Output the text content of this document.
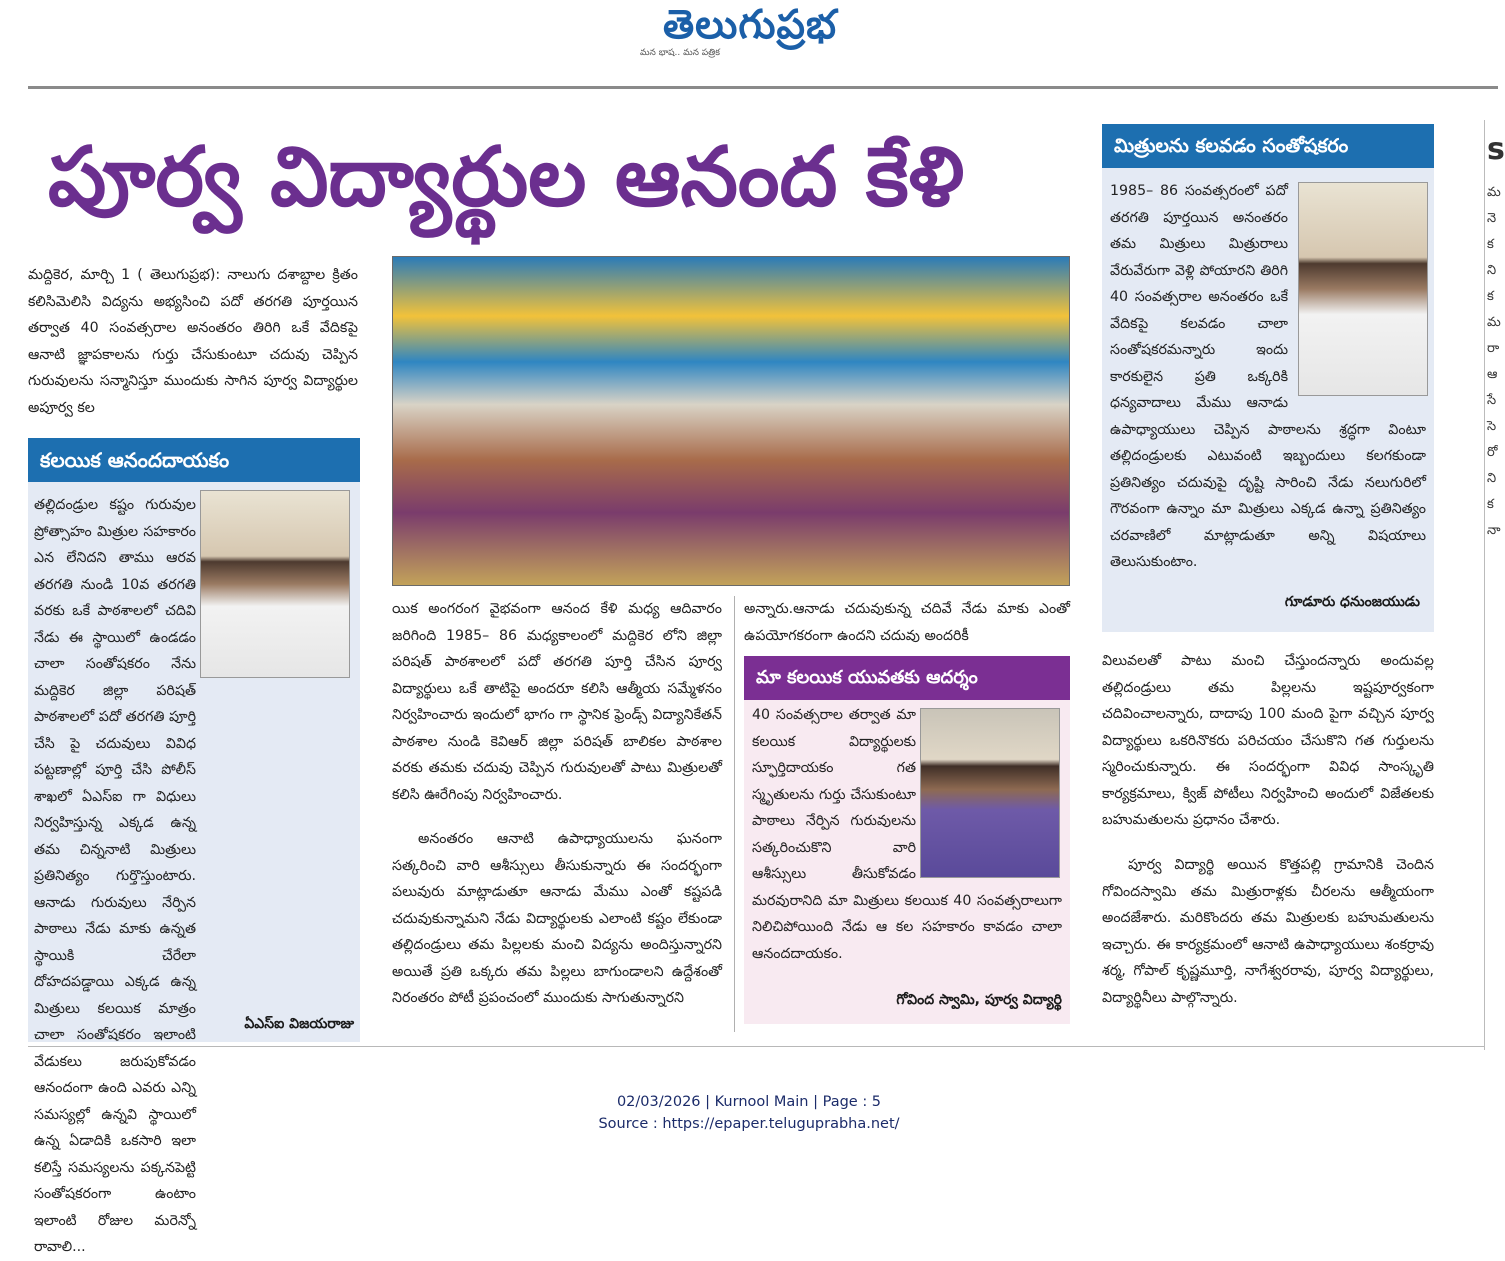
తెలుగుప్రభ
మన భాష.. మన పత్రిక
పూర్వ విద్యార్థుల ఆనంద కేళి
మద్దికెర, మార్చి 1 ( తెలుగుప్రభ): నాలుగు దశాబ్దాల క్రితం కలిసిమెలిసి విద్యను అభ్యసించి పదో తరగతి పూర్తయిన తర్వాత 40 సంవత్సరాల అనంతరం తిరిగి ఒకే వేదికపై ఆనాటి జ్ఞాపకాలను గుర్తు చేసుకుంటూ చదువు చెప్పిన గురువులను సన్మానిస్తూ ముందుకు సాగిన పూర్వ విద్యార్థుల అపూర్వ కల
కలయిక ఆనందదాయకం
తల్లిదండ్రుల కష్టం గురువుల ప్రోత్సాహం మిత్రుల సహకారం ఎన లేనిదని తాము ఆరవ తరగతి నుండి 10వ తరగతి వరకు ఒకే పాఠశాలలో చదివి నేడు ఈ స్థాయిలో ఉండడం చాలా సంతోషకరం నేను మద్దికెర జిల్లా పరిషత్ పాఠశాలలో పదో తరగతి పూర్తి చేసి పై చదువులు వివిధ పట్టణాల్లో పూర్తి చేసి పోలీస్ శాఖలో ఏఎస్ఐ గా విధులు నిర్వహిస్తున్న ఎక్కడ ఉన్న తమ చిన్ననాటి మిత్రులు ప్రతినిత్యం గుర్తొస్తుంటారు. ఆనాడు గురువులు నేర్పిన పాఠాలు నేడు మాకు ఉన్నత స్థాయికి చేరేలా దోహదపడ్డాయి ఎక్కడ ఉన్న మిత్రులు కలయిక మాత్రం చాలా సంతోషకరం ఇలాంటి వేడుకలు జరుపుకోవడం ఆనందంగా ఉంది ఎవరు ఎన్ని సమస్యల్లో ఉన్నవి స్థాయిలో ఉన్న ఏడాదికి ఒకసారి ఇలా కలిస్తే సమస్యలను పక్కనపెట్టి సంతోషకరంగా ఉంటాం ఇలాంటి రోజుల మరెన్నో రావాలి...
ఏఎస్ఐ విజయరాజు
యిక అంగరంగ వైభవంగా ఆనంద కేళి మధ్య ఆదివారం జరిగింది 1985– 86 మధ్యకాలంలో మద్దికెర లోని జిల్లా పరిషత్ పాఠశాలలో పదో తరగతి పూర్తి చేసిన పూర్వ విద్యార్థులు ఒకే తాటిపై అందరూ కలిసి ఆత్మీయ సమ్మేళనం నిర్వహించారు ఇందులో భాగం గా స్థానిక ఫ్రెండ్స్ విద్యానికేతన్ పాఠశాల నుండి కెవిఆర్ జిల్లా పరిషత్ బాలికల పాఠశాల వరకు తమకు చదువు చెప్పిన గురువులతో పాటు మిత్రులతో కలిసి ఊరేగింపు నిర్వహించారు.
అనంతరం ఆనాటి ఉపాధ్యాయులను ఘనంగా సత్కరించి వారి ఆశీస్సులు తీసుకున్నారు ఈ సందర్భంగా పలువురు మాట్లాడుతూ ఆనాడు మేము ఎంతో కష్టపడి చదువుకున్నామని నేడు విద్యార్థులకు ఎలాంటి కష్టం లేకుండా తల్లిదండ్రులు తమ పిల్లలకు మంచి విద్యను అందిస్తున్నారని అయితే ప్రతి ఒక్కరు తమ పిల్లలు బాగుండాలని ఉద్దేశంతో నిరంతరం పోటీ ప్రపంచంలో ముందుకు సాగుతున్నారని
అన్నారు.ఆనాడు చదువుకున్న చదివే నేడు మాకు ఎంతో ఉపయోగకరంగా ఉందని చదువు అందరికీ
మా కలయిక యువతకు ఆదర్శం
40 సంవత్సరాల తర్వాత మా కలయిక విద్యార్థులకు స్ఫూర్తిదాయకం గత స్మృతులను గుర్తు చేసుకుంటూ పాఠాలు నేర్పిన గురువులను సత్కరించుకొని వారి ఆశీస్సులు తీసుకోవడం మరవురానిది మా మిత్రులు కలయిక 40 సంవత్సరాలుగా నిలిచిపోయింది నేడు ఆ కల సహకారం కావడం చాలా ఆనందదాయకం.
గోవింద స్వామి, పూర్వ విద్యార్థి
మిత్రులను కలవడం సంతోషకరం
1985– 86 సంవత్సరంలో పదో తరగతి పూర్తయిన అనంతరం తమ మిత్రులు మిత్రురాలు వేరువేరుగా వెళ్లి పోయారని తిరిగి 40 సంవత్సరాల అనంతరం ఒకే వేదికపై కలవడం చాలా సంతోషకరమన్నారు ఇందు కారకులైన ప్రతి ఒక్కరికి ధన్యవాదాలు మేము ఆనాడు ఉపాధ్యాయులు చెప్పిన పాఠాలను శ్రద్ధగా వింటూ తల్లిదండ్రులకు ఎటువంటి ఇబ్బందులు కలగకుండా ప్రతినిత్యం చదువుపై దృష్టి సారించి నేడు నలుగురిలో గౌరవంగా ఉన్నాం మా మిత్రులు ఎక్కడ ఉన్నా ప్రతినిత్యం చరవాణిలో మాట్లాడుతూ అన్ని విషయాలు తెలుసుకుంటాం.
గూడూరు ధనుంజయుడు
విలువలతో పాటు మంచి చేస్తుందన్నారు అందువల్ల తల్లిదండ్రులు తమ పిల్లలను ఇష్టపూర్వకంగా చదివించాలన్నారు, దాదాపు 100 మంది పైగా వచ్చిన పూర్వ విద్యార్థులు ఒకరినొకరు పరిచయం చేసుకొని గత గుర్తులను స్మరించుకున్నారు. ఈ సందర్భంగా వివిధ సాంస్కృతి కార్యక్రమాలు, క్విజ్ పోటీలు నిర్వహించి అందులో విజేతలకు బహుమతులను ప్రధానం చేశారు.
పూర్వ విద్యార్థి అయిన కొత్తపల్లి గ్రామానికి చెందిన గోవిందస్వామి తమ మిత్రురాళ్లకు చీరలను ఆత్మీయంగా అందజేశారు. మరికొందరు తమ మిత్రులకు బహుమతులను ఇచ్చారు. ఈ కార్యక్రమంలో ఆనాటి ఉపాధ్యాయులు శంకర్రావు శర్మ, గోపాల్ కృష్ణమూర్తి, నాగేశ్వరరావు, పూర్వ విద్యార్థులు, విద్యార్థినీలు పాల్గొన్నారు.
s
మ
నె
క
ని
క
మ
రా
ఆ
సే
సె
రో
ని
క
నా
02/03/2026 | Kurnool Main | Page : 5
Source : https://epaper.teluguprabha.net/
